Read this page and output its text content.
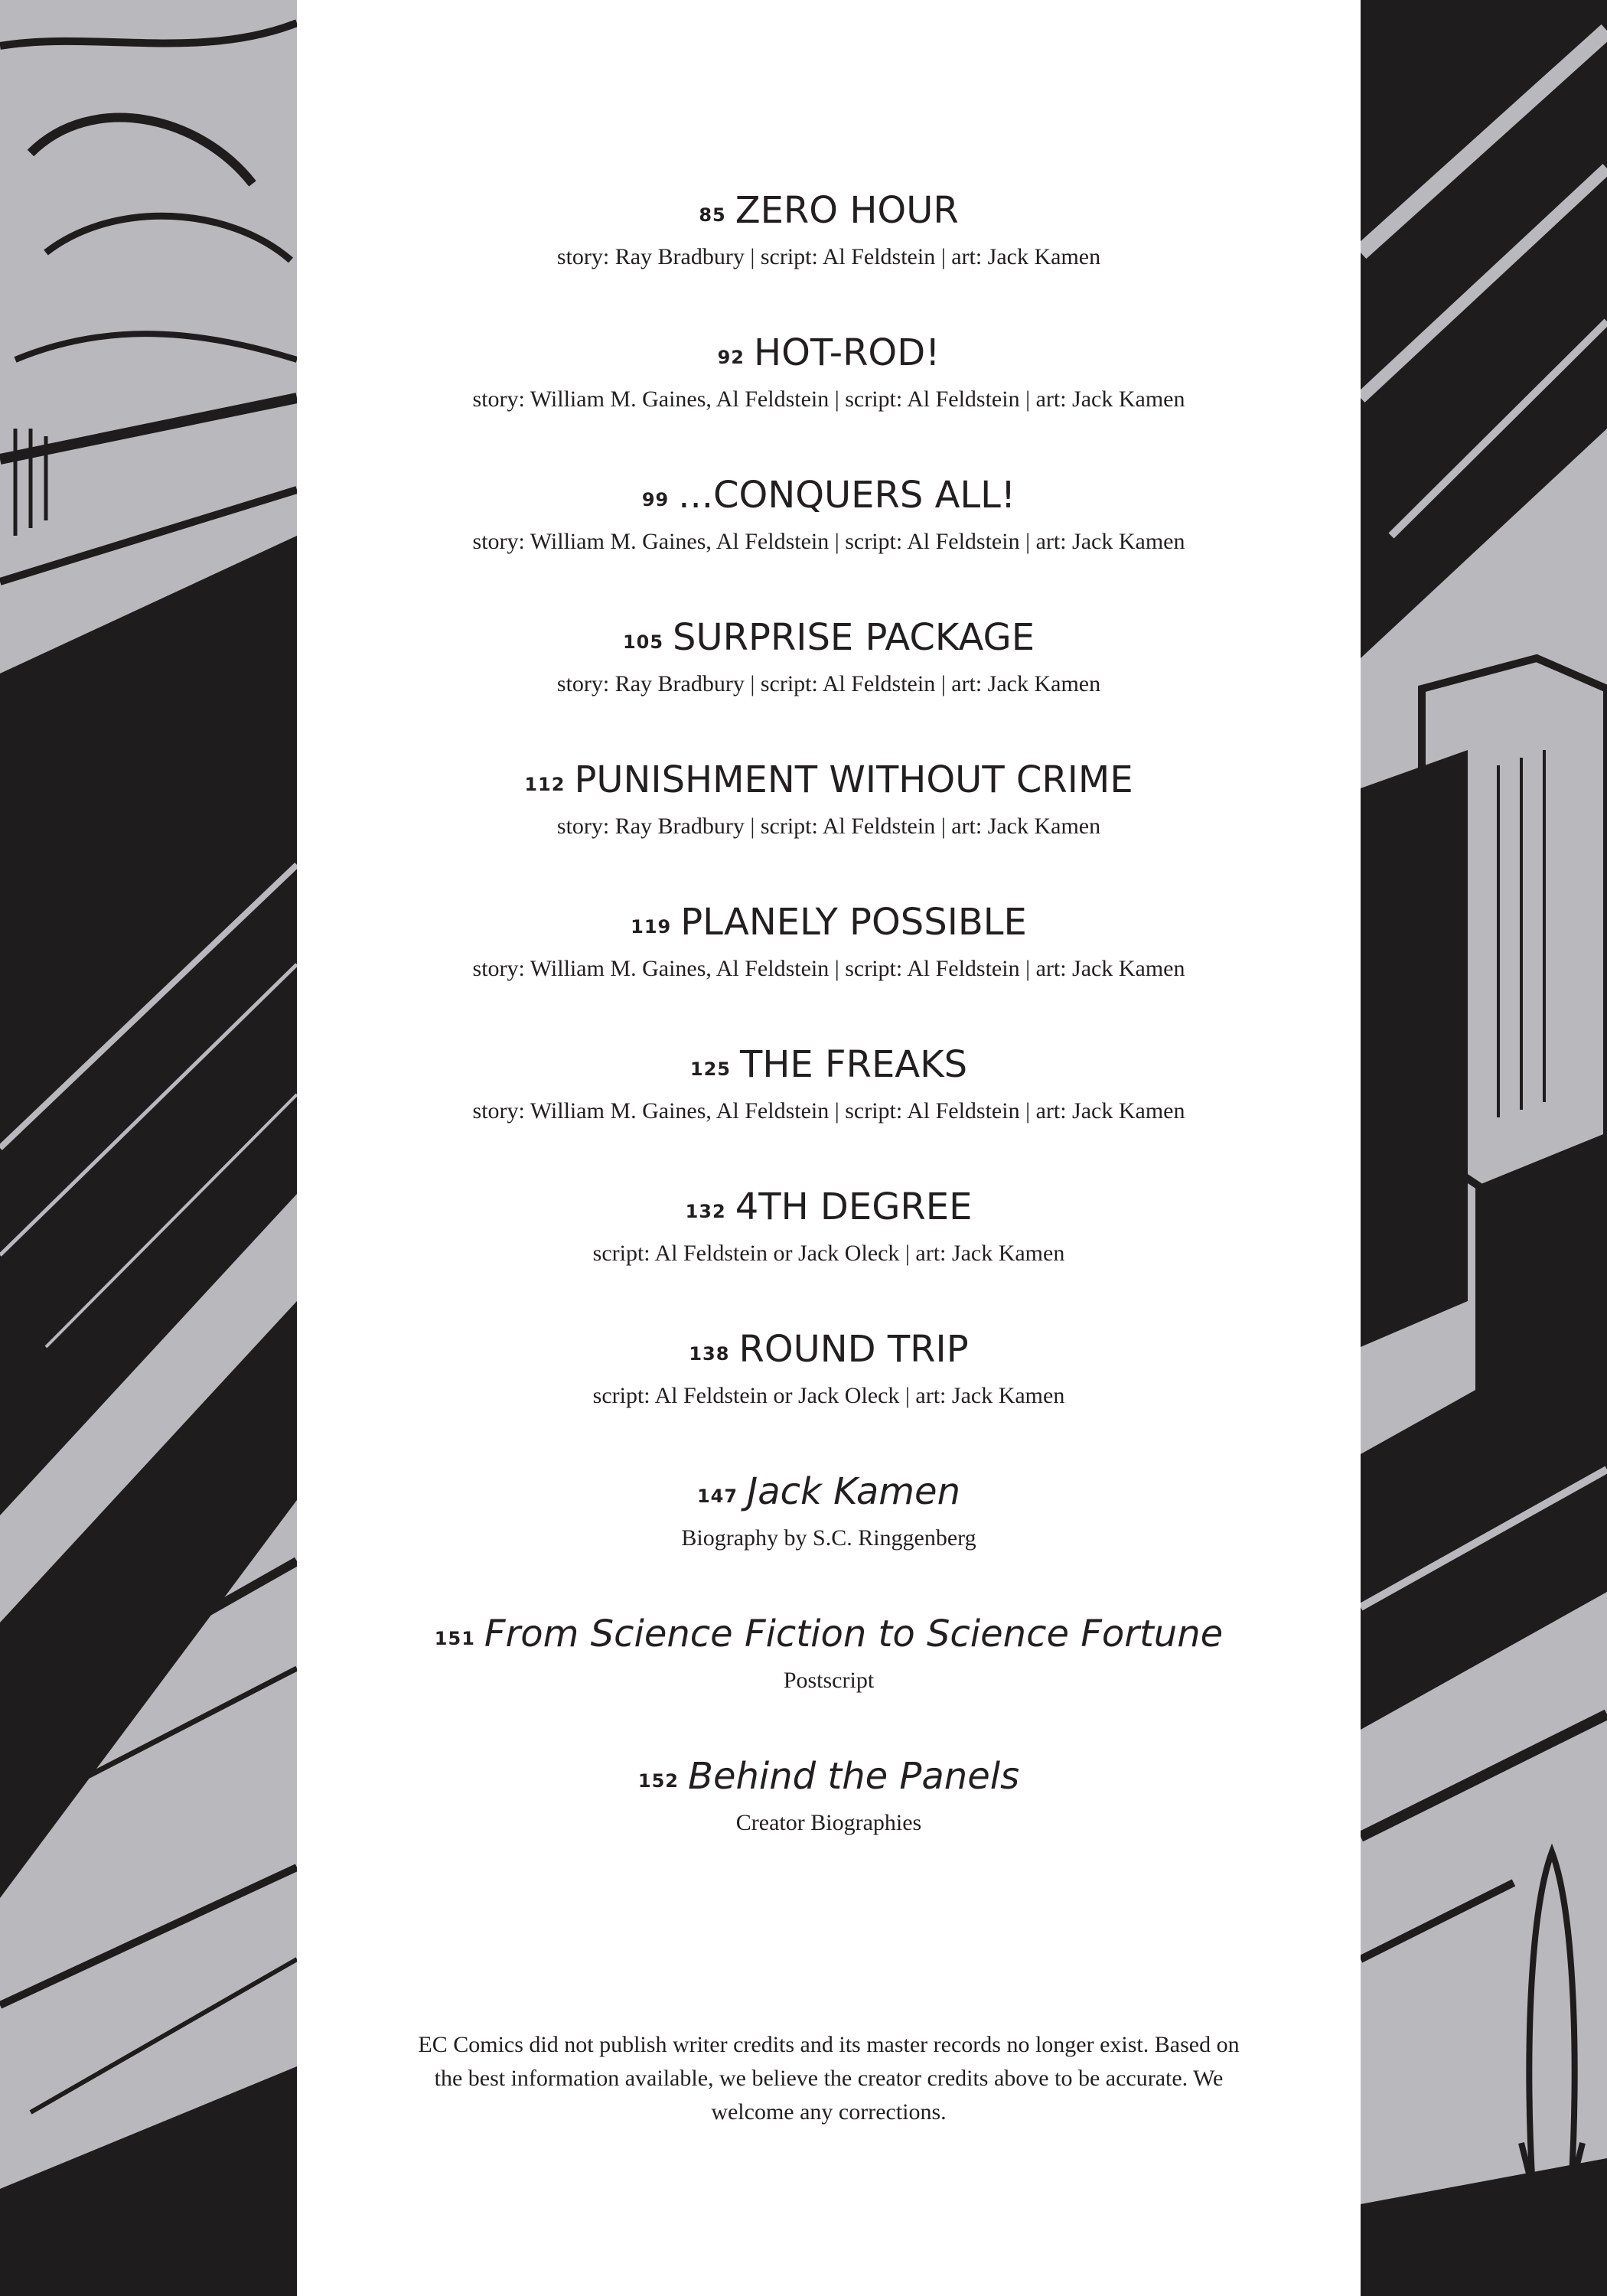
85 ZERO HOUR
story: Ray Bradbury | script: Al Feldstein | art: Jack Kamen
92 HOT-ROD!
story: William M. Gaines, Al Feldstein | script: Al Feldstein | art: Jack Kamen
99 ...CONQUERS ALL!
story: William M. Gaines, Al Feldstein | script: Al Feldstein | art: Jack Kamen
105 SURPRISE PACKAGE
story: Ray Bradbury | script: Al Feldstein | art: Jack Kamen
112 PUNISHMENT WITHOUT CRIME
story: Ray Bradbury | script: Al Feldstein | art: Jack Kamen
119 PLANELY POSSIBLE
story: William M. Gaines, Al Feldstein | script: Al Feldstein | art: Jack Kamen
125 THE FREAKS
story: William M. Gaines, Al Feldstein | script: Al Feldstein | art: Jack Kamen
132 4TH DEGREE
script: Al Feldstein or Jack Oleck | art: Jack Kamen
138 ROUND TRIP
script: Al Feldstein or Jack Oleck | art: Jack Kamen
147 Jack Kamen
Biography by S.C. Ringgenberg
151 From Science Fiction to Science Fortune
Postscript
152 Behind the Panels
Creator Biographies
EC Comics did not publish writer credits and its master records no longer exist. Based on the best information available, we believe the creator credits above to be accurate. We welcome any corrections.
